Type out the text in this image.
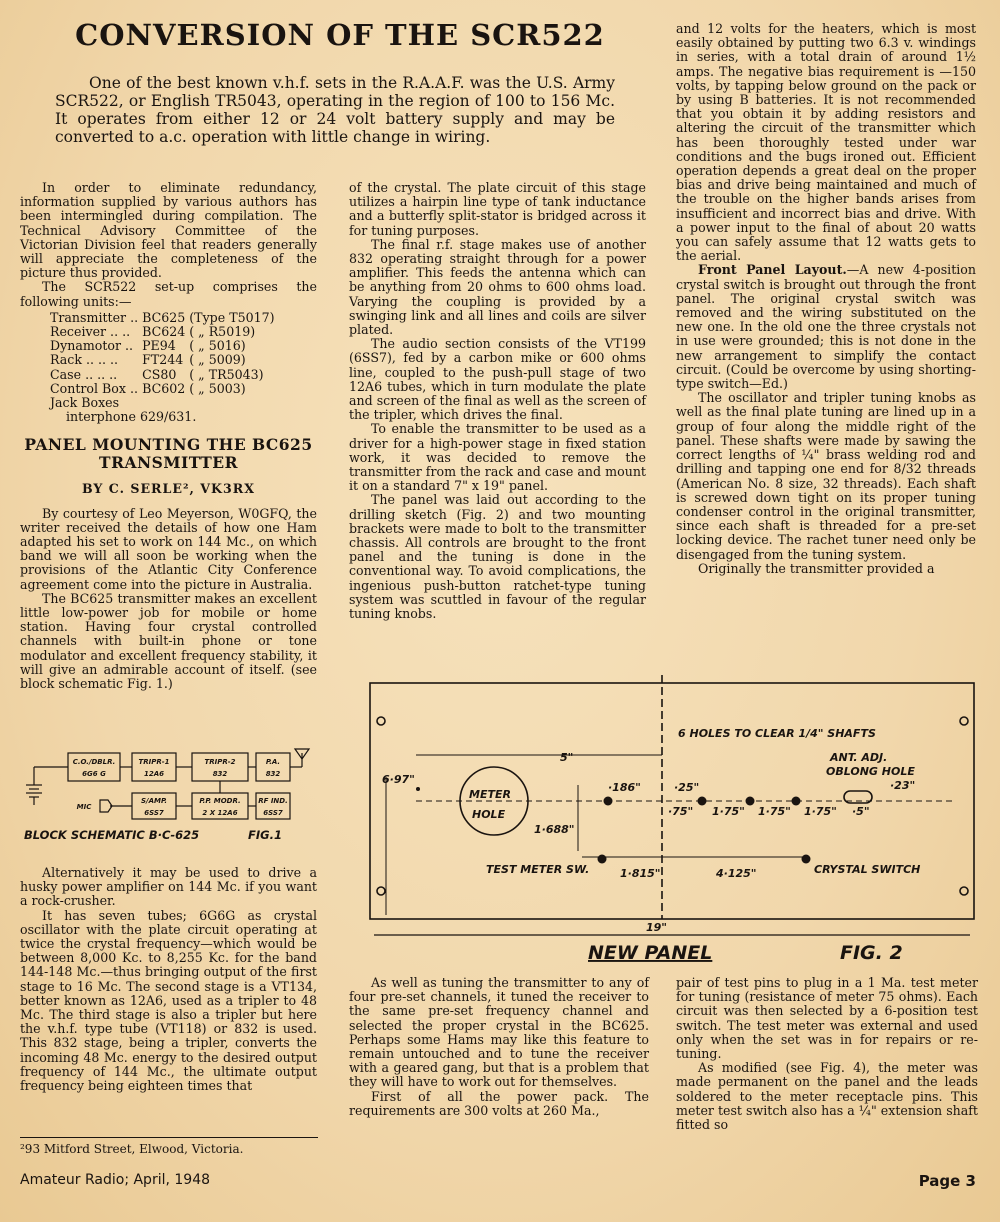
CONVERSION OF THE SCR522
One of the best known v.h.f. sets in the R.A.A.F. was the U.S. Army SCR522, or English TR5043, operating in the region of 100 to 156 Mc. It operates from either 12 or 24 volt battery supply and may be converted to a.c. operation with little change in wiring.

In order to eliminate redundancy, information supplied by various authors has been intermingled during compilation. The Technical Advisory Committee of the Victorian Division feel that readers generally will appreciate the completeness of the picture thus provided.

The SCR522 set-up comprises the following units:—

Transmitter ..	BC625	(Type T5017)
Receiver .. ..	BC624	( „ R5019)
Dynamotor ..	PE94	( „ 5016)
Rack .. .. ..	FT244	( „ 5009)
Case .. .. ..	CS80	( „ TR5043)
Control Box ..	BC602	( „ 5003)
Jack Boxes		
interphone 629/631.		
PANEL MOUNTING THE BC625 TRANSMITTER
BY C. SERLE², VK3RX

By courtesy of Leo Meyerson, W0GFQ, the writer received the details of how one Ham adapted his set to work on 144 Mc., on which band we will all soon be working when the provisions of the Atlantic City Conference agreement come into the picture in Australia.

The BC625 transmitter makes an excellent little low-power job for mobile or home station. Having four crystal controlled channels with built-in phone or tone modulator and excellent frequency stability, it will give an admirable account of itself. (see block schematic Fig. 1.)

C.O./DBLR.
6G6 G
TRIPR-1
12A6
TRIPR-2
832
P.A.
832
S/AMP.
6SS7
P.P. MODR.
2 X 12A6
RF IND.
6SS7
MIC
BLOCK SCHEMATIC B·C-625	FIG.1

Alternatively it may be used to drive a husky power amplifier on 144 Mc. if you want a rock-crusher.

It has seven tubes; 6G6G as crystal oscillator with the plate circuit operating at twice the crystal frequency—which would be between 8,000 Kc. to 8,255 Kc. for the band 144-148 Mc.—thus bringing output of the first stage to 16 Mc. The second stage is a VT134, better known as 12A6, used as a tripler to 48 Mc. The third stage is also a tripler but here the v.h.f. type tube (VT118) or 832 is used. This 832 stage, being a tripler, converts the incoming 48 Mc. energy to the desired output frequency of 144 Mc., the ultimate output frequency being eighteen times that

²93 Mitford Street, Elwood, Victoria.

of the crystal. The plate circuit of this stage utilizes a hairpin line type of tank inductance and a butterfly split-stator is bridged across it for tuning purposes.

The final r.f. stage makes use of another 832 operating straight through for a power amplifier. This feeds the antenna which can be anything from 20 ohms to 600 ohms load. Varying the coupling is provided by a swinging link and all lines and coils are silver plated.

The audio section consists of the VT199 (6SS7), fed by a carbon mike or 600 ohms line, coupled to the push-pull stage of two 12A6 tubes, which in turn modulate the plate and screen of the final as well as the screen of the tripler, which drives the final.

To enable the transmitter to be used as a driver for a high-power stage in fixed station work, it was decided to remove the transmitter from the rack and case and mount it on a standard 7" x 19" panel.

The panel was laid out according to the drilling sketch (Fig. 2) and two mounting brackets were made to bolt to the transmitter chassis. All controls are brought to the front panel and the tuning is done in the conventional way. To avoid complications, the ingenious push-button ratchet-type tuning system was scuttled in favour of the regular tuning knobs.

and 12 volts for the heaters, which is most easily obtained by putting two 6.3 v. windings in series, with a total drain of around 1½ amps. The negative bias requirement is —150 volts, by tapping below ground on the pack or by using B batteries. It is not recommended that you obtain it by adding resistors and altering the circuit of the transmitter which has been thoroughly tested under war conditions and the bugs ironed out. Efficient operation depends a great deal on the proper bias and drive being maintained and much of the trouble on the higher bands arises from insufficient and incorrect bias and drive. With a power input to the final of about 20 watts you can safely assume that 12 watts gets to the aerial.

Front Panel Layout.—A new 4-position crystal switch is brought out through the front panel. The original crystal switch was removed and the wiring substituted on the new one. In the old one the three crystals not in use were grounded; this is not done in the new arrangement to simplify the contact circuit. (Could be overcome by using shorting-type switch—Ed.)

The oscillator and tripler tuning knobs as well as the final plate tuning are lined up in a group of four along the middle right of the panel. These shafts were made by sawing the correct lengths of ¼" brass welding rod and drilling and tapping one end for 8/32 threads (American No. 8 size, 32 threads). Each shaft is screwed down tight on its proper tuning condenser control in the original transmitter, since each shaft is threaded for a pre-set locking device. The rachet tuner need only be disengaged from the tuning system.

Originally the transmitter provided a

6 HOLES TO CLEAR 1/4" SHAFTS
5"
6·97"
METER
HOLE
·186"	·25"
·75" 1·75" 1·75" 1·75" ·5"
ANT. ADJ.
OBLONG HOLE
·23"
1·688"
TEST METER SW.	1·815"	4·125"	CRYSTAL SWITCH
19"
NEW PANEL	FIG. 2

As well as tuning the transmitter to any of four pre-set channels, it tuned the receiver to the same pre-set frequency channel and selected the proper crystal in the BC625. Perhaps some Hams may like this feature to remain untouched and to tune the receiver with a geared gang, but that is a problem that they will have to work out for themselves.

First of all the power pack. The requirements are 300 volts at 260 Ma.,

pair of test pins to plug in a 1 Ma. test meter for tuning (resistance of meter 75 ohms). Each circuit was then selected by a 6-position test switch. The test meter was external and used only when the set was in for repairs or re-tuning.

As modified (see Fig. 4), the meter was made permanent on the panel and the leads soldered to the meter receptacle pins. This meter test switch also has a ¼" extension shaft fitted so

Amateur Radio; April, 1948	Page 3
